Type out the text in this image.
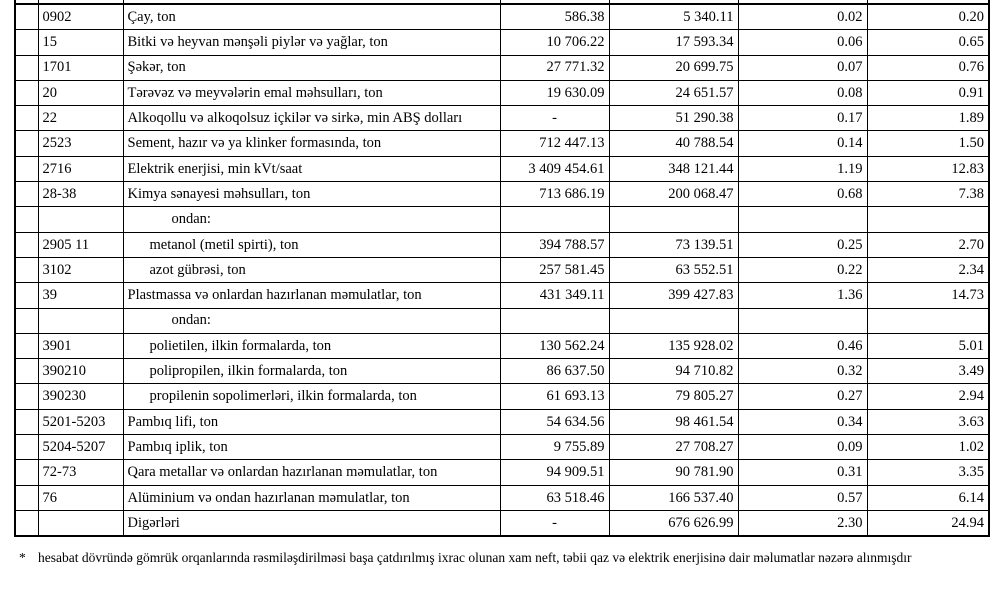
	0902	Çay, ton	586.38	5 340.11	0.02	0.20
	15	Bitki və heyvan mənşəli piylər və yağlar, ton	10 706.22	17 593.34	0.06	0.65
	1701	Şəkər, ton	27 771.32	20 699.75	0.07	0.76
	20	Tərəvəz və meyvələrin emal məhsulları, ton	19 630.09	24 651.57	0.08	0.91
	22	Alkoqollu və alkoqolsuz içkilər və sirkə, min ABŞ dolları	-	51 290.38	0.17	1.89
	2523	Sement, hazır və ya klinker formasında, ton	712 447.13	40 788.54	0.14	1.50
	2716	Elektrik enerjisi, min kVt/saat	3 409 454.61	348 121.44	1.19	12.83
	28-38	Kimya sənayesi məhsulları, ton	713 686.19	200 068.47	0.68	7.38
		ondan:				
	2905 11	metanol (metil spirti), ton	394 788.57	73 139.51	0.25	2.70
	3102	azot gübrəsi, ton	257 581.45	63 552.51	0.22	2.34
	39	Plastmassa və onlardan hazırlanan məmulatlar, ton	431 349.11	399 427.83	1.36	14.73
		ondan:				
	3901	polietilen, ilkin formalarda, ton	130 562.24	135 928.02	0.46	5.01
	390210	polipropilen, ilkin formalarda, ton	86 637.50	94 710.82	0.32	3.49
	390230	propilenin sopolimerləri, ilkin formalarda, ton	61 693.13	79 805.27	0.27	2.94
	5201-5203	Pambıq lifi, ton	54 634.56	98 461.54	0.34	3.63
	5204-5207	Pambıq iplik, ton	9 755.89	27 708.27	0.09	1.02
	72-73	Qara metallar və onlardan hazırlanan məmulatlar, ton	94 909.51	90 781.90	0.31	3.35
	76	Alüminium və ondan hazırlanan məmulatlar, ton	63 518.46	166 537.40	0.57	6.14
		Digərləri	-	676 626.99	2.30	24.94
* hesabat dövründə gömrük orqanlarında rəsmiləşdirilməsi başa çatdırılmış ixrac olunan xam neft, təbii qaz və elektrik enerjisinə dair məlumatlar nəzərə alınmışdır
